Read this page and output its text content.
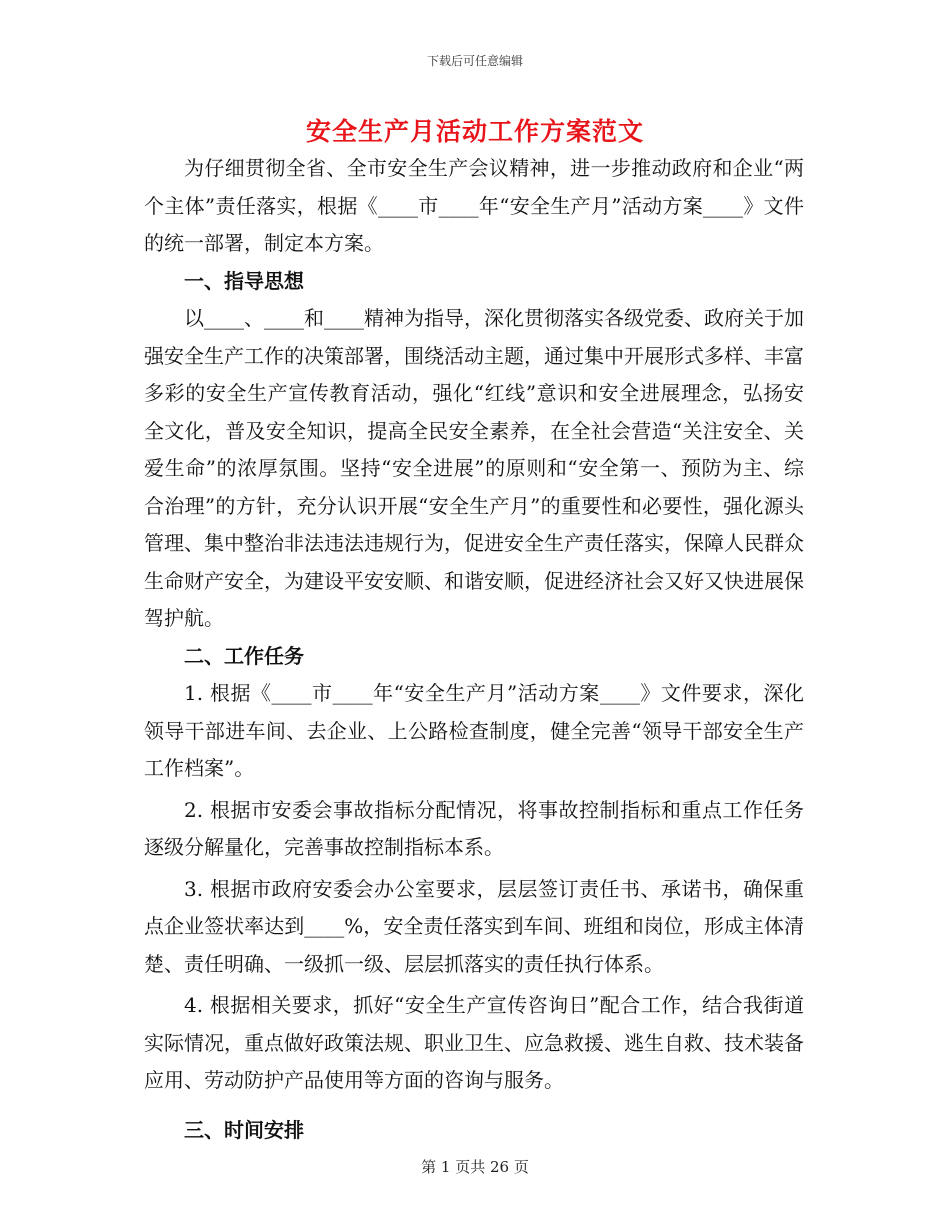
下载后可任意编辑
安全生产月活动工作方案范文

为仔细贯彻全省、全市安全生产会议精神，进一步推动政府和企业“两个主体”责任落实，根据《____市____年“安全生产月”活动方案____》文件的统一部署，制定本方案。

一、指导思想

以____、____和____精神为指导，深化贯彻落实各级党委、政府关于加强安全生产工作的决策部署，围绕活动主题，通过集中开展形式多样、丰富多彩的安全生产宣传教育活动，强化“红线”意识和安全进展理念，弘扬安全文化，普及安全知识，提高全民安全素养，在全社会营造“关注安全、关爱生命”的浓厚氛围。坚持“安全进展”的原则和“安全第一、预防为主、综合治理”的方针，充分认识开展“安全生产月”的重要性和必要性，强化源头管理、集中整治非法违法违规行为，促进安全生产责任落实，保障人民群众生命财产安全，为建设平安安顺、和谐安顺，促进经济社会又好又快进展保驾护航。

二、工作任务

1. 根据《____市____年“安全生产月”活动方案____》文件要求，深化领导干部进车间、去企业、上公路检查制度，健全完善“领导干部安全生产工作档案”。

2. 根据市安委会事故指标分配情况，将事故控制指标和重点工作任务逐级分解量化，完善事故控制指标本系。

3. 根据市政府安委会办公室要求，层层签订责任书、承诺书，确保重点企业签状率达到____%，安全责任落实到车间、班组和岗位，形成主体清楚、责任明确、一级抓一级、层层抓落实的责任执行体系。

4. 根据相关要求，抓好“安全生产宣传咨询日”配合工作，结合我街道实际情况，重点做好政策法规、职业卫生、应急救援、逃生自救、技术装备应用、劳动防护产品使用等方面的咨询与服务。

三、时间安排

第 1 页共 26 页
